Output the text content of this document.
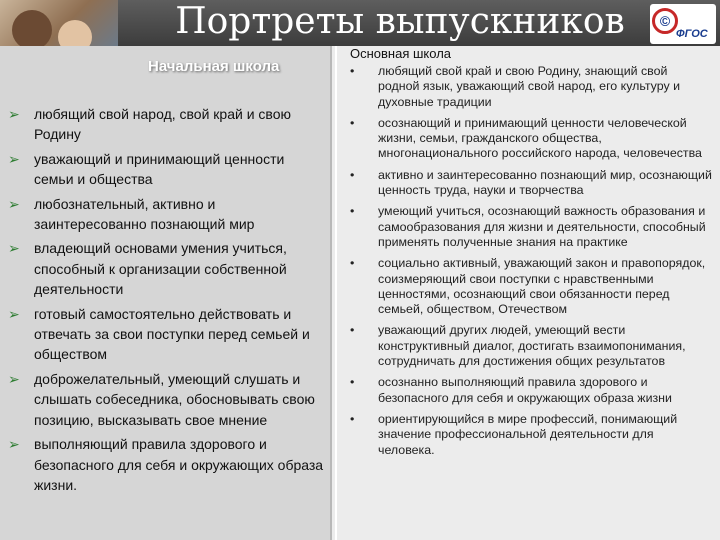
Портреты выпускников	©
ФГОС
Начальная школа
➢ любящий свой народ, свой край и свою Родину
➢ уважающий и принимающий ценности семьи и общества
➢ любознательный, активно и заинтересованно познающий мир
➢ владеющий основами умения учиться, способный к организации собственной деятельности
➢ готовый самостоятельно действовать и отвечать за свои поступки перед семьей и обществом
➢ доброжелательный, умеющий слушать и слышать собеседника, обосновывать свою позицию, высказывать свое мнение
➢ выполняющий правила здорового и безопасного для себя и окружающих образа жизни.
Основная школа
• любящий свой край и свою Родину, знающий свой родной язык, уважающий свой народ, его культуру и духовные традиции
• осознающий и принимающий ценности человеческой жизни, семьи, гражданского общества, многонационального российского народа, человечества
• активно и заинтересованно познающий мир, осознающий ценность труда, науки и творчества
• умеющий учиться, осознающий важность образования и самообразования для жизни и деятельности, способный применять полученные знания на практике
• социально активный, уважающий закон и правопорядок, соизмеряющий свои поступки с нравственными ценностями, осознающий свои обязанности перед семьей, обществом, Отечеством
• уважающий других людей, умеющий вести конструктивный диалог, достигать взаимопонимания, сотрудничать для достижения общих результатов
• осознанно выполняющий правила здорового и безопасного для себя и окружающих образа жизни
• ориентирующийся в мире профессий, понимающий значение профессиональной деятельности для человека.
